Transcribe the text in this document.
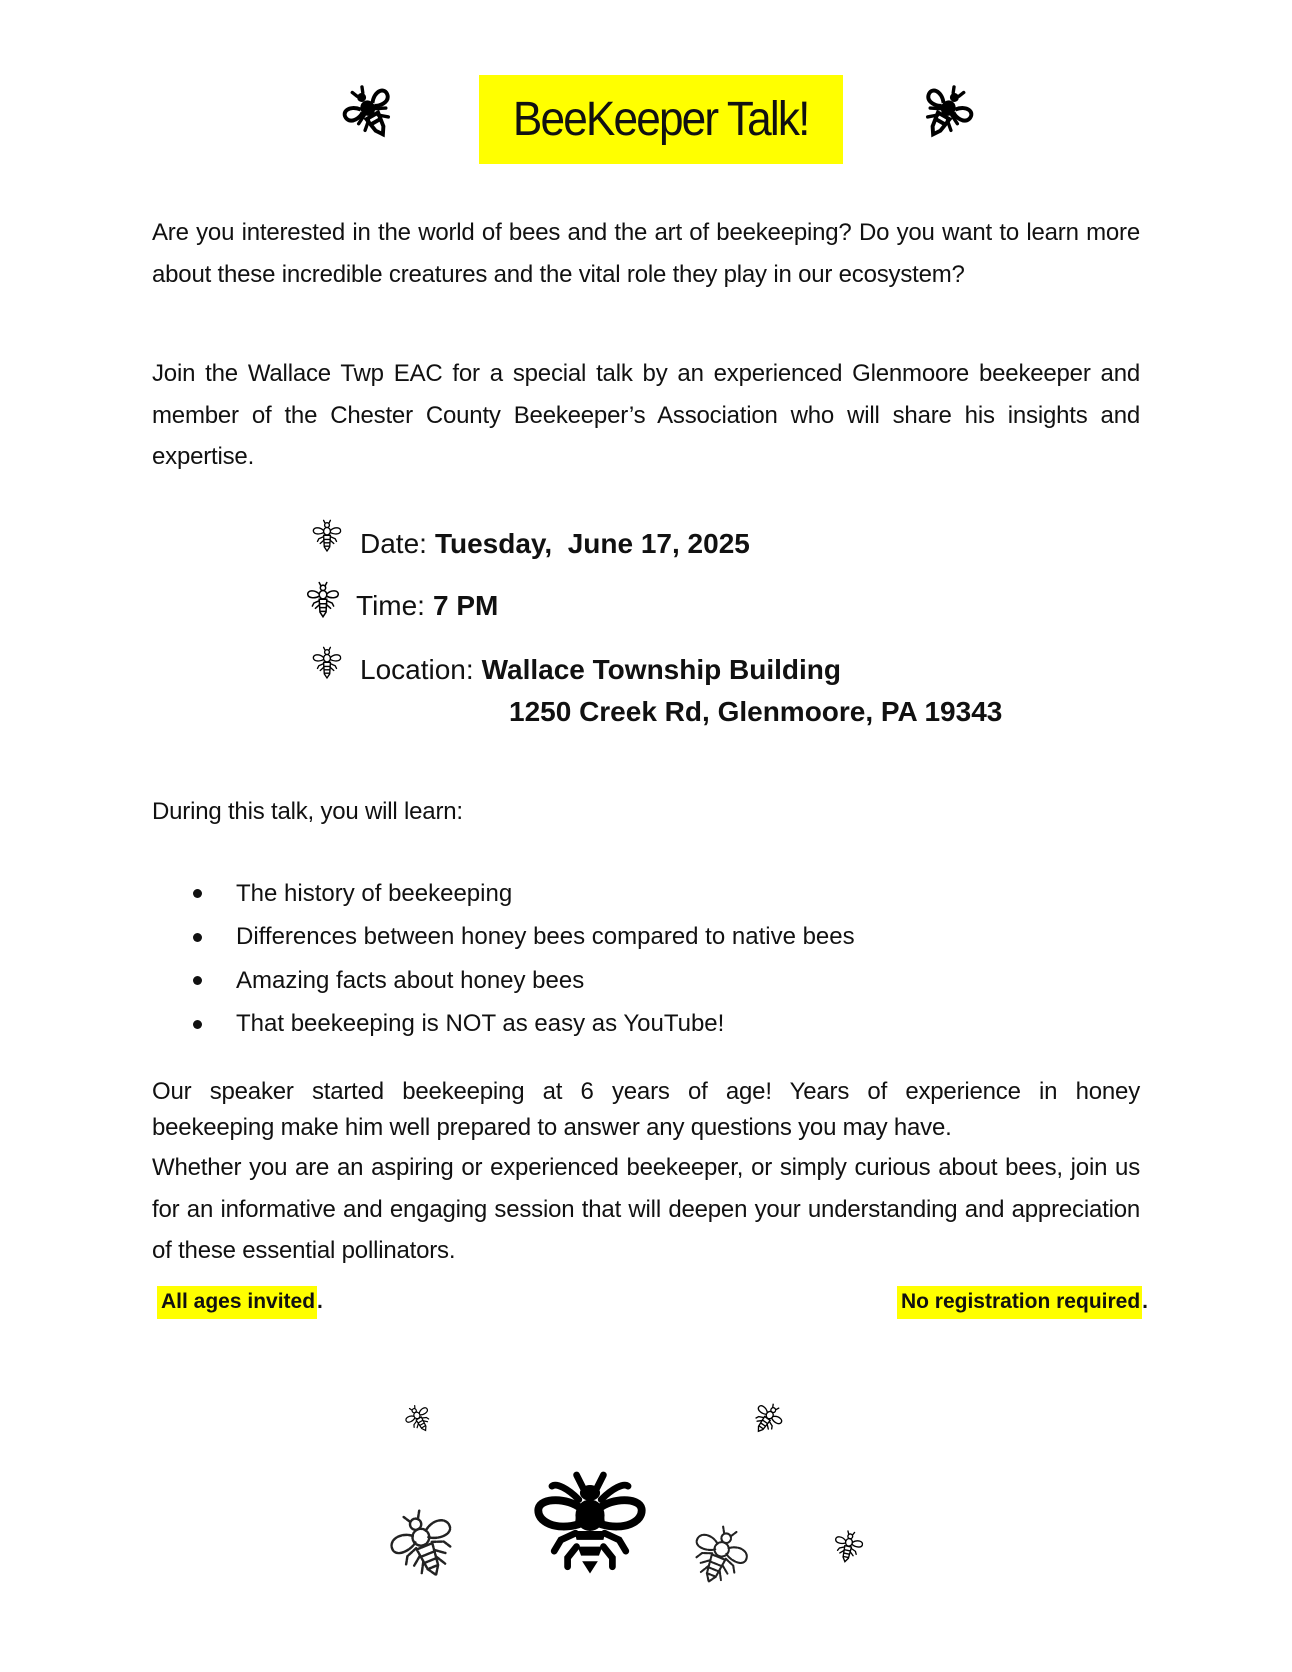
BeeKeeper Talk!

Are you interested in the world of bees and the art of beekeeping? Do you want to learn more about these incredible creatures and the vital role they play in our ecosystem?

Join the Wallace Twp EAC for a special talk by an experienced Glenmoore beekeeper and member of the Chester County Beekeeper’s Association who will share his insights and expertise.

Date: Tuesday,  June 17, 2025
Time: 7 PM
Location: Wallace Township Building
1250 Creek Rd, Glenmoore, PA 19343

During this talk, you will learn:

The history of beekeeping
Differences between honey bees compared to native bees
Amazing facts about honey bees
That beekeeping is NOT as easy as YouTube!
Our speaker started beekeeping at 6 years of age! Years of experience in honey
beekeeping make him well prepared to answer any questions you may have.

Whether you are an aspiring or experienced beekeeper, or simply curious about bees, join us for an informative and engaging session that will deepen your understanding and appreciation of these essential pollinators.

All ages invited.	No registration required.
